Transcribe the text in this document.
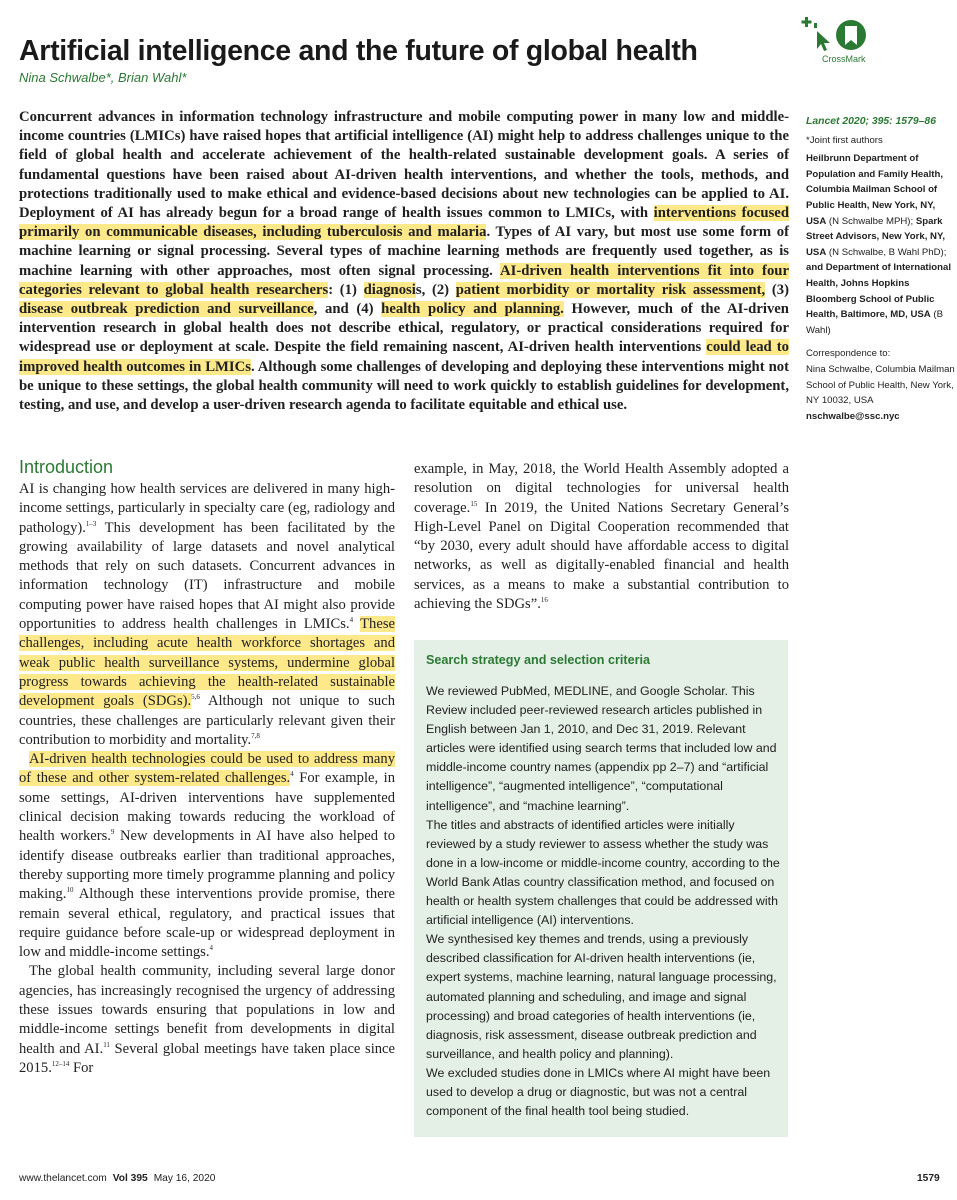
Artificial intelligence and the future of global health
Nina Schwalbe*, Brian Wahl*
CrossMark
Concurrent advances in information technology infrastructure and mobile computing power in many low and middle-income countries (LMICs) have raised hopes that artificial intelligence (AI) might help to address challenges unique to the field of global health and accelerate achievement of the health-related sustainable development goals. A series of fundamental questions have been raised about AI-driven health interventions, and whether the tools, methods, and protections traditionally used to make ethical and evidence-based decisions about new technologies can be applied to AI. Deployment of AI has already begun for a broad range of health issues common to LMICs, with interventions focused primarily on communicable diseases, including tuberculosis and malaria. Types of AI vary, but most use some form of machine learning or signal processing. Several types of machine learning methods are frequently used together, as is machine learning with other approaches, most often signal processing. AI-driven health interventions fit into four categories relevant to global health researchers: (1) diagnosis, (2) patient morbidity or mortality risk assessment, (3) disease outbreak prediction and surveillance, and (4) health policy and planning. However, much of the AI-driven intervention research in global health does not describe ethical, regulatory, or practical considerations required for widespread use or deployment at scale. Despite the field remaining nascent, AI-driven health interventions could lead to improved health outcomes in LMICs. Although some challenges of developing and deploying these interventions might not be unique to these settings, the global health community will need to work quickly to establish guidelines for development, testing, and use, and develop a user-driven research agenda to facilitate equitable and ethical use.
Lancet 2020; 395: 1579–86
*Joint first authors
Heilbrunn Department of Population and Family Health, Columbia Mailman School of Public Health, New York, NY, USA (N Schwalbe MPH); Spark Street Advisors, New York, NY, USA (N Schwalbe, B Wahl PhD); and Department of International Health, Johns Hopkins Bloomberg School of Public Health, Baltimore, MD, USA (B Wahl)
Correspondence to:
Nina Schwalbe, Columbia Mailman School of Public Health, New York, NY 10032, USA
nschwalbe@ssc.nyc
Introduction

AI is changing how health services are delivered in many high-income settings, particularly in specialty care (eg, radiology and pathology).$^{1-3}$ This development has been facilitated by the growing availability of large datasets and novel analytical methods that rely on such datasets. Concurrent advances in information technology (IT) infrastructure and mobile computing power have raised hopes that AI might also provide opportunities to address health challenges in LMICs.$^4$ These challenges, including acute health workforce shortages and weak public health surveillance systems, undermine global progress towards achieving the health-related sustainable development goals (SDGs).$^{5,6}$ Although not unique to such countries, these challenges are particularly relevant given their contribution to morbidity and mortality.$^{7,8}$

AI-driven health technologies could be used to address many of these and other system-related challenges.$^4$ For example, in some settings, AI-driven interventions have supplemented clinical decision making towards reducing the workload of health workers.$^9$ New developments in AI have also helped to identify disease outbreaks earlier than traditional approaches, thereby supporting more timely programme planning and policy making.$^{10}$ Although these interventions provide promise, there remain several ethical, regulatory, and practical issues that require guidance before scale-up or widespread deployment in low and middle-income settings.$^4$

The global health community, including several large donor agencies, has increasingly recognised the urgency of addressing these issues towards ensuring that populations in low and middle-income settings benefit from developments in digital health and AI.$^{11}$ Several global meetings have taken place since 2015.$^{12-14}$ For

example, in May, 2018, the World Health Assembly adopted a resolution on digital technologies for universal health coverage.$^{15}$ In 2019, the United Nations Secretary General’s High-Level Panel on Digital Cooperation recommended that “by 2030, every adult should have affordable access to digital networks, as well as digitally-enabled financial and health services, as a means to make a substantial contribution to achieving the SDGs”.$^{16}$

Search strategy and selection criteria

We reviewed PubMed, MEDLINE, and Google Scholar. This Review included peer-reviewed research articles published in English between Jan 1, 2010, and Dec 31, 2019. Relevant articles were identified using search terms that included low and middle-income country names (appendix pp 2–7) and “artificial intelligence”, “augmented intelligence”, “computational intelligence”, and “machine learning”.

The titles and abstracts of identified articles were initially reviewed by a study reviewer to assess whether the study was done in a low-income or middle-income country, according to the World Bank Atlas country classification method, and focused on health or health system challenges that could be addressed with artificial intelligence (AI) interventions.

We synthesised key themes and trends, using a previously described classification for AI-driven health interventions (ie, expert systems, machine learning, natural language processing, automated planning and scheduling, and image and signal processing) and broad categories of health interventions (ie, diagnosis, risk assessment, disease outbreak prediction and surveillance, and health policy and planning).

We excluded studies done in LMICs where AI might have been used to develop a drug or diagnostic, but was not a central component of the final health tool being studied.

www.thelancet.com Vol 395 May 16, 2020	1579
